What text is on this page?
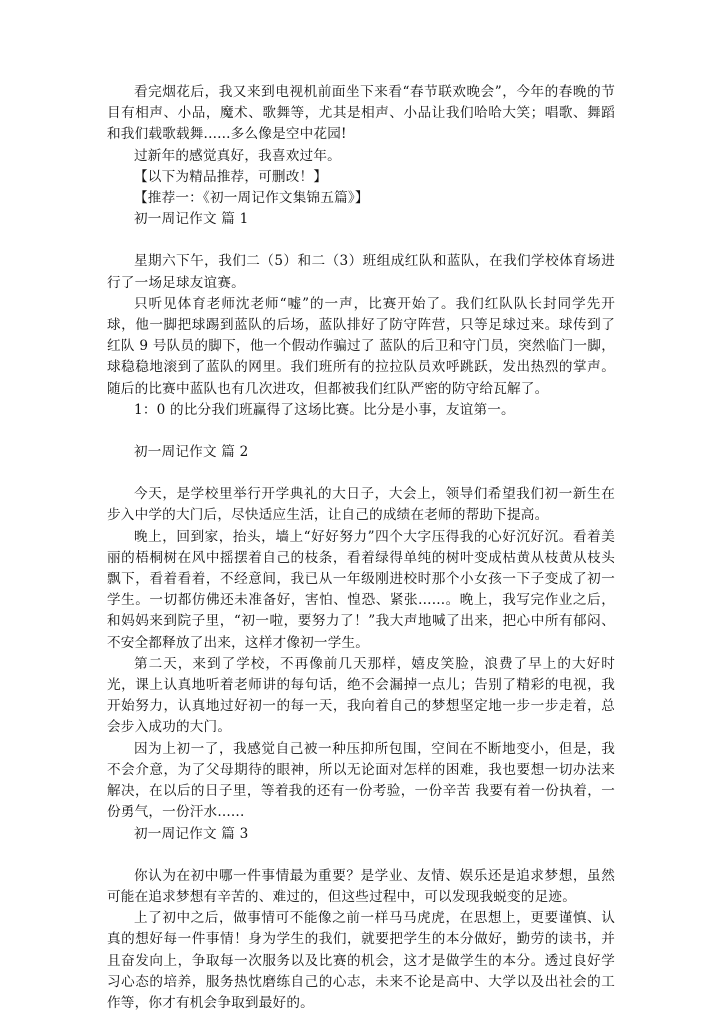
看完烟花后，我又来到电视机前面坐下来看“春节联欢晚会”，今年的春晚的节目有相声、小品，魔术、歌舞等，尤其是相声、小品让我们哈哈大笑；唱歌、舞蹈和我们载歌载舞......多么像是空中花园!

过新年的感觉真好，我喜欢过年。

【以下为精品推荐，可删改！】

【推荐一：《初一周记作文集锦五篇》】

初一周记作文 篇 1

星期六下午，我们二（5）和二（3）班组成红队和蓝队，在我们学校体育场进行了一场足球友谊赛。

只听见体育老师沈老师“嘘”的一声，比赛开始了。我们红队队长封同学先开球，他一脚把球踢到蓝队的后场，蓝队排好了防守阵营，只等足球过来。球传到了红队 9 号队员的脚下，他一个假动作骗过了 蓝队的后卫和守门员，突然临门一脚，球稳稳地滚到了蓝队的网里。我们班所有的拉拉队员欢呼跳跃，发出热烈的掌声。随后的比赛中蓝队也有几次进攻，但都被我们红队严密的防守给瓦解了。

1：0 的比分我们班赢得了这场比赛。比分是小事，友谊第一。

初一周记作文 篇 2

今天，是学校里举行开学典礼的大日子，大会上，领导们希望我们初一新生在步入中学的大门后，尽快适应生活，让自己的成绩在老师的帮助下提高。

晚上，回到家，抬头，墙上“好好努力”四个大字压得我的心好沉好沉。看着美丽的梧桐树在风中摇摆着自己的枝条，看着绿得单纯的树叶变成枯黄从枝黄从枝头飘下，看着看着，不经意间，我已从一年级刚进校时那个小女孩一下子变成了初一学生。一切都仿佛还未准备好，害怕、惶恐、紧张......。晚上，我写完作业之后，和妈妈来到院子里，“初一啦，要努力了！”我大声地喊了出来，把心中所有郁闷、不安全都释放了出来，这样才像初一学生。

第二天，来到了学校，不再像前几天那样，嬉皮笑脸，浪费了早上的大好时光，课上认真地听着老师讲的每句话，绝不会漏掉一点儿；告别了精彩的电视，我开始努力，认真地过好初一的每一天，我向着自己的梦想坚定地一步一步走着，总会步入成功的大门。

因为上初一了，我感觉自己被一种压抑所包围，空间在不断地变小，但是，我不会介意，为了父母期待的眼神，所以无论面对怎样的困难，我也要想一切办法来解决，在以后的日子里，等着我的还有一份考验，一份辛苦 我要有着一份执着，一份勇气，一份汗水......

初一周记作文 篇 3

你认为在初中哪一件事情最为重要？是学业、友情、娱乐还是追求梦想，虽然可能在追求梦想有辛苦的、难过的，但这些过程中，可以发现我蜕变的足迹。

上了初中之后，做事情可不能像之前一样马马虎虎，在思想上，更要谨慎、认真的想好每一件事情！身为学生的我们，就要把学生的本分做好，勤劳的读书，并且奋发向上，争取每一次服务以及比赛的机会，这才是做学生的本分。透过良好学习心态的培养，服务热忱磨练自己的心志，未来不论是高中、大学以及出社会的工作等，你才有机会争取到最好的。
